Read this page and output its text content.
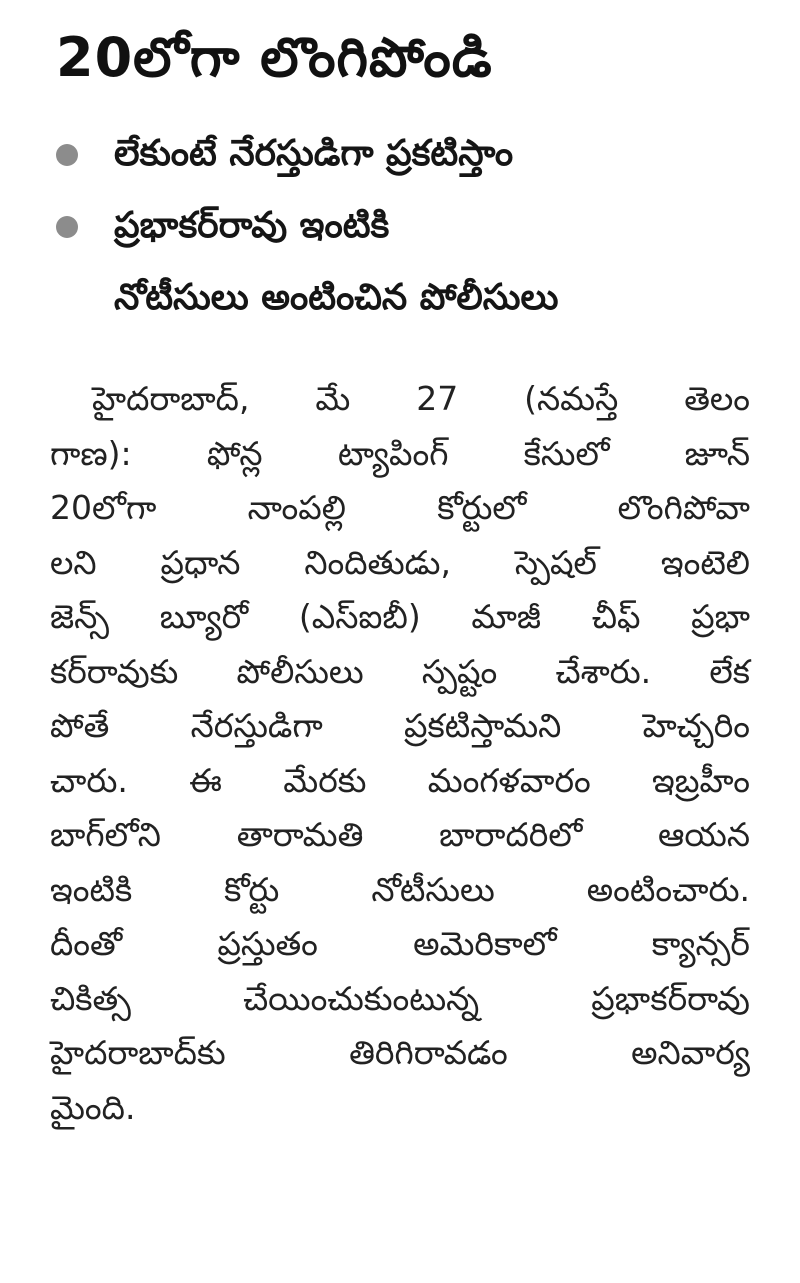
20లోగా లొంగిపోండి
లేకుంటే నేరస్తుడిగా ప్రకటిస్తాం
ప్రభాకర్‌రావు ఇంటికి
నోటీసులు అంటించిన పోలీసులు
హైదరాబాద్, మే 27 (నమస్తే తెలం
గాణ): ఫోన్ల ట్యాపింగ్ కేసులో జూన్
20లోగా నాంపల్లి కోర్టులో లొంగిపోవా
లని ప్రధాన నిందితుడు, స్పెషల్ ఇంటెలి
జెన్స్ బ్యూరో (ఎస్ఐబీ) మాజీ చీఫ్ ప్రభా
కర్‌రావుకు పోలీసులు స్పష్టం చేశారు. లేక
పోతే నేరస్తుడిగా ప్రకటిస్తామని హెచ్చరిం
చారు. ఈ మేరకు మంగళవారం ఇబ్రహీం
బాగ్‌లోని తారామతి బారాదరిలో ఆయన
ఇంటికి కోర్టు నోటీసులు అంటించారు.
దీంతో ప్రస్తుతం అమెరికాలో క్యాన్సర్
చికిత్స చేయించుకుంటున్న ప్రభాకర్‌రావు
హైదరాబాద్‌కు తిరిగిరావడం అనివార్య
మైంది.
